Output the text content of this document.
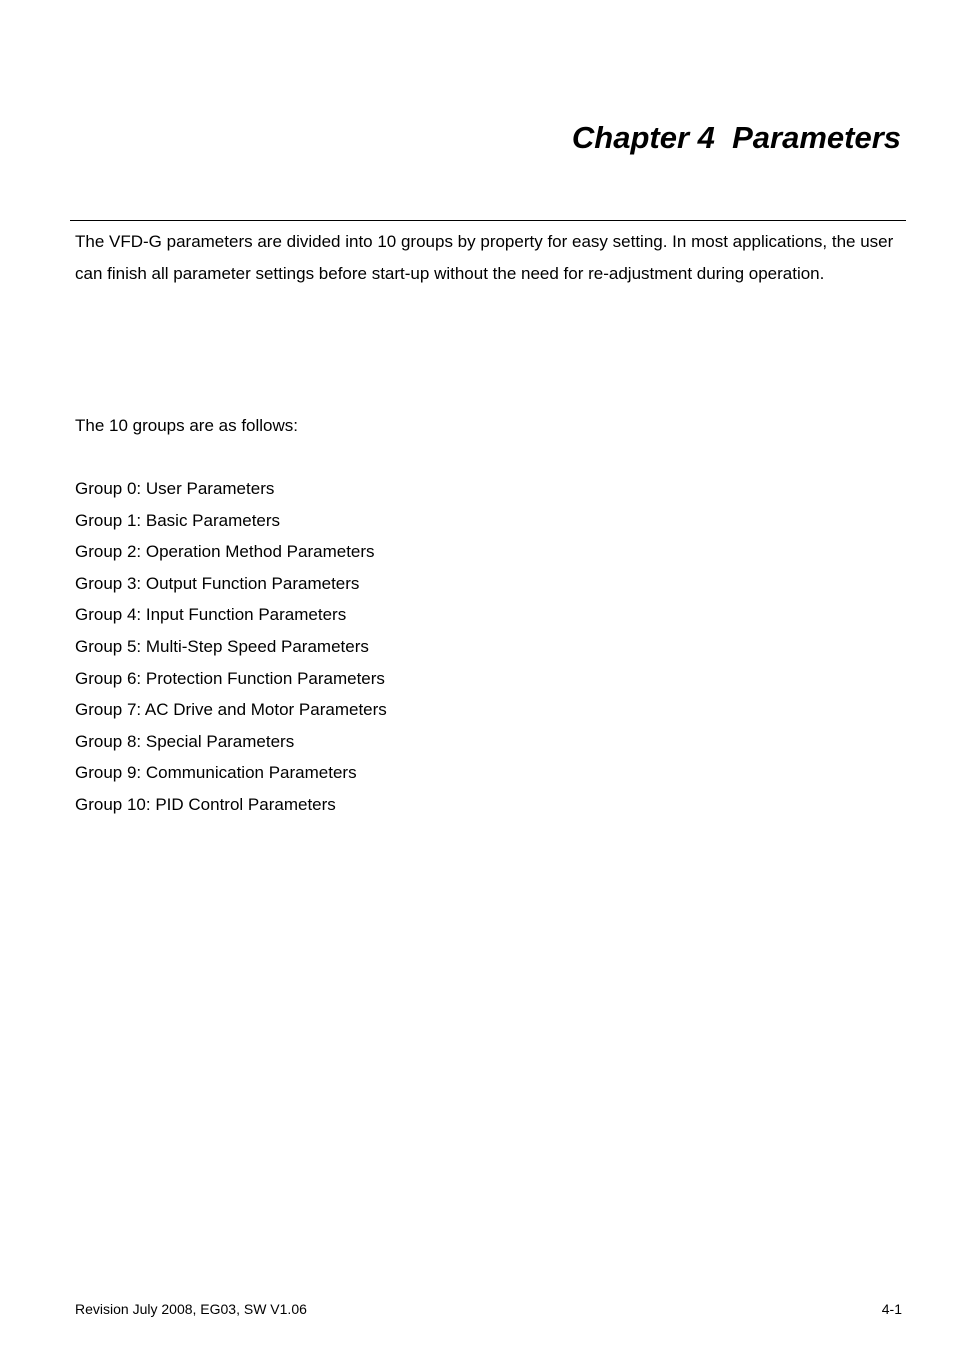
Chapter 4  Parameters

The VFD-G parameters are divided into 10 groups by property for easy setting. In most applications, the user can finish all parameter settings before start-up without the need for re-adjustment during operation.

The 10 groups are as follows:

Group 0: User Parameters
Group 1: Basic Parameters
Group 2: Operation Method Parameters
Group 3: Output Function Parameters
Group 4: Input Function Parameters
Group 5: Multi-Step Speed Parameters
Group 6: Protection Function Parameters
Group 7: AC Drive and Motor Parameters
Group 8: Special Parameters
Group 9: Communication Parameters
Group 10: PID Control Parameters
Revision July 2008, EG03, SW V1.06	4-1
